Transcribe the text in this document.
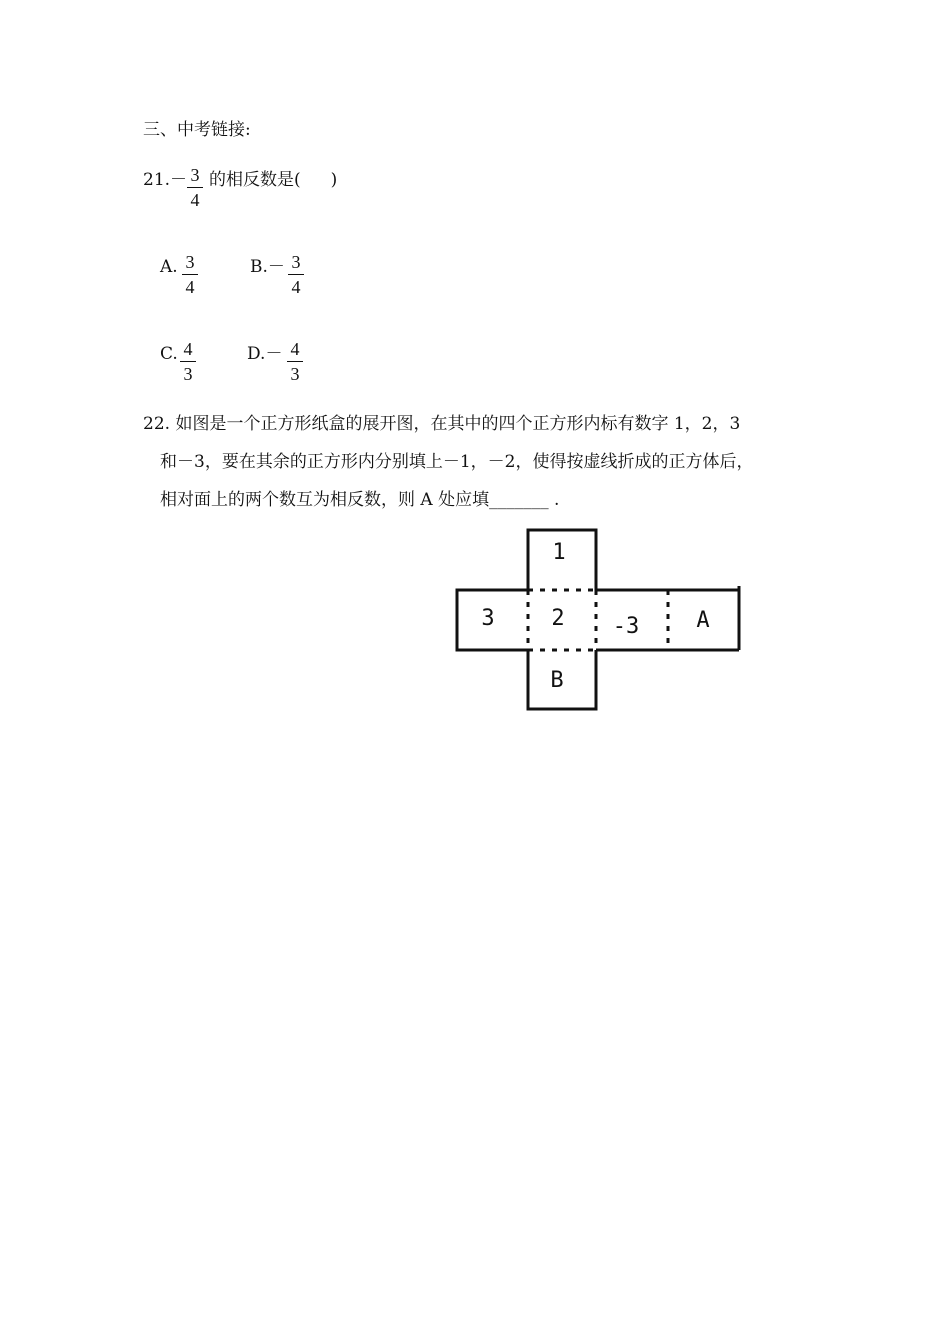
三、中考链接:
21.－ 3
4
的相反数是( )
A. 3
4
B.－ 3
4
C. 4
3
D.－ 4
3
22. 如图是一个正方形纸盒的展开图，在其中的四个正方形内标有数字 1，2，3
和－3，要在其余的正方形内分别填上－1，－2，使得按虚线折成的正方体后，
相对面上的两个数互为相反数，则 A 处应填_______ .
1
3	2 -3	A
B
